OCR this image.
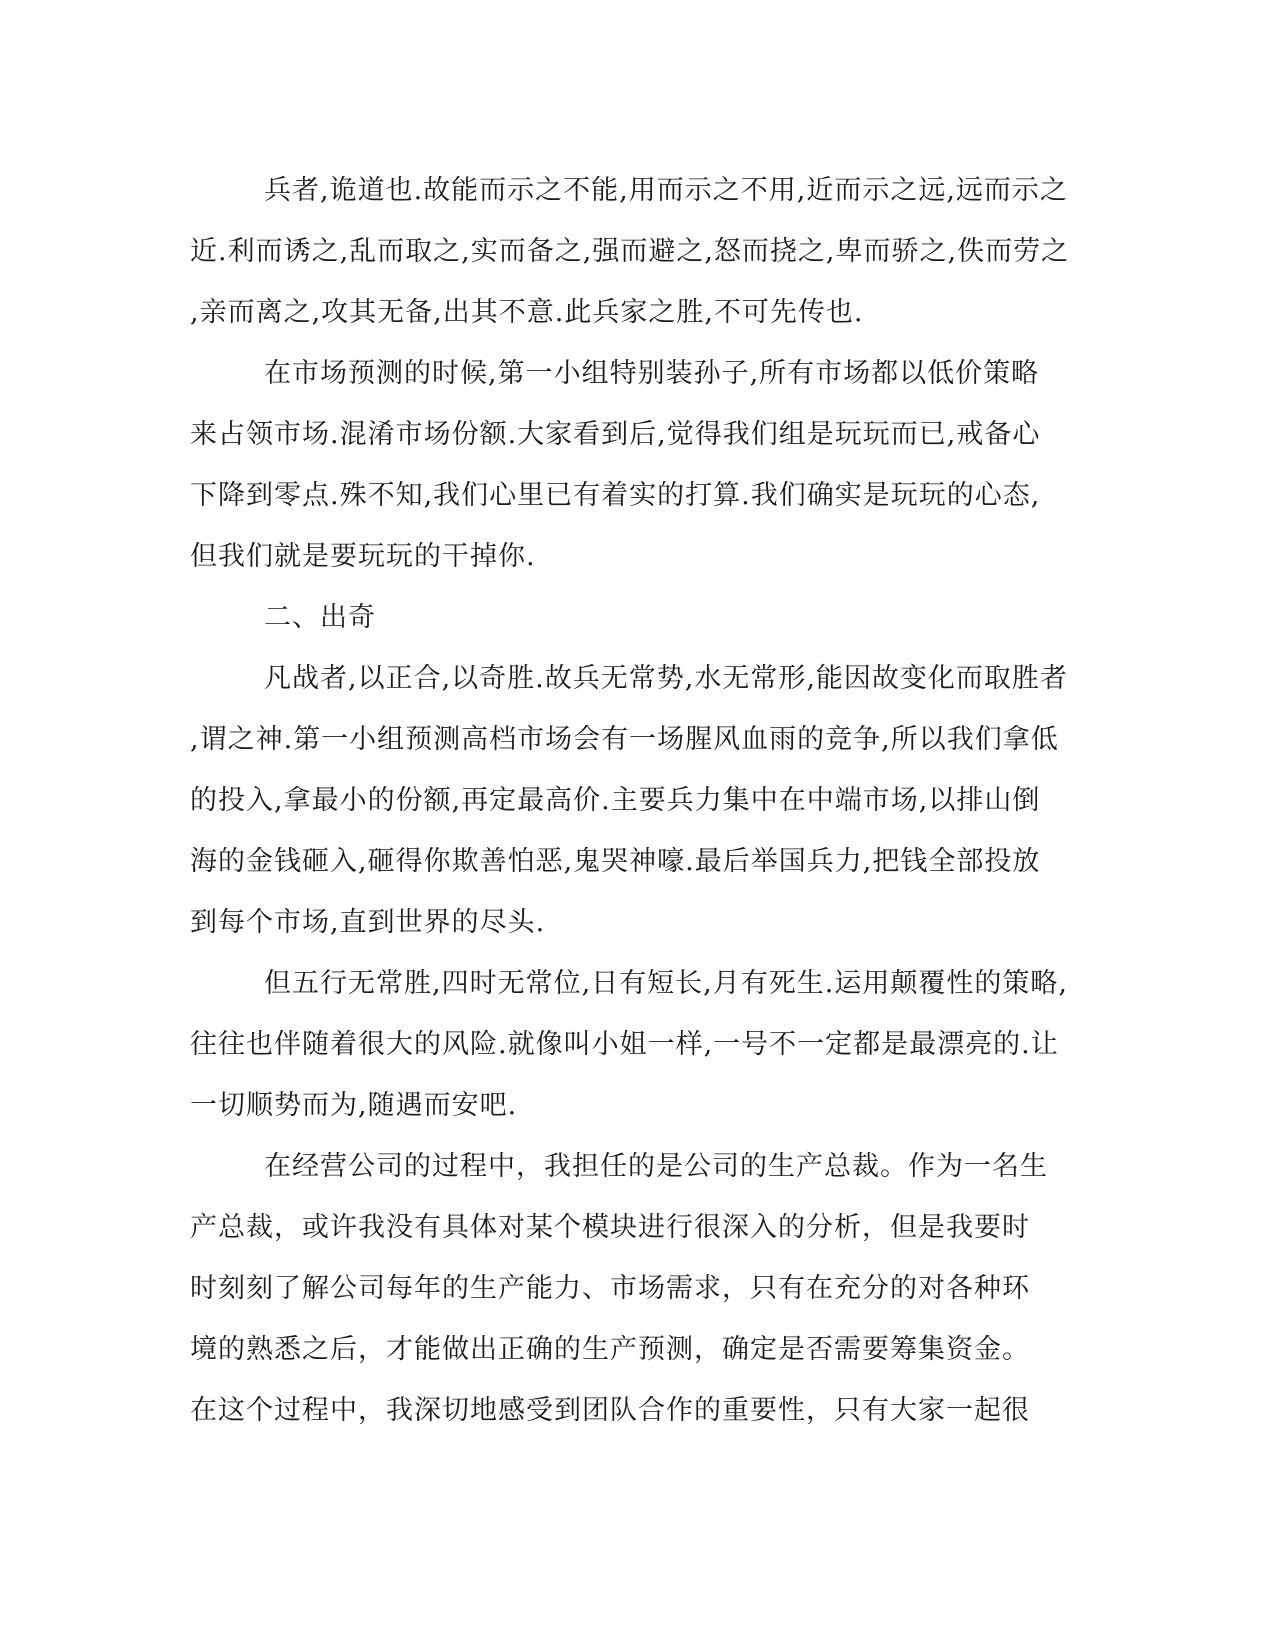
兵者,诡道也.故能而示之不能,用而示之不用,近而示之远,远而示之
近.利而诱之,乱而取之,实而备之,强而避之,怒而挠之,卑而骄之,佚而劳之
,亲而离之,攻其无备,出其不意.此兵家之胜,不可先传也.
在市场预测的时候,第一小组特别装孙子,所有市场都以低价策略
来占领市场.混淆市场份额.大家看到后,觉得我们组是玩玩而已,戒备心
下降到零点.殊不知,我们心里已有着实的打算.我们确实是玩玩的心态,
但我们就是要玩玩的干掉你.
二、出奇
凡战者,以正合,以奇胜.故兵无常势,水无常形,能因故变化而取胜者
,谓之神.第一小组预测高档市场会有一场腥风血雨的竞争,所以我们拿低
的投入,拿最小的份额,再定最高价.主要兵力集中在中端市场,以排山倒
海的金钱砸入,砸得你欺善怕恶,鬼哭神嚎.最后举国兵力,把钱全部投放
到每个市场,直到世界的尽头.
但五行无常胜,四时无常位,日有短长,月有死生.运用颠覆性的策略,
往往也伴随着很大的风险.就像叫小姐一样,一号不一定都是最漂亮的.让
一切顺势而为,随遇而安吧.
在经营公司的过程中，我担任的是公司的生产总裁。作为一名生
产总裁，或许我没有具体对某个模块进行很深入的分析，但是我要时
时刻刻了解公司每年的生产能力、市场需求，只有在充分的对各种环
境的熟悉之后，才能做出正确的生产预测，确定是否需要筹集资金。
在这个过程中，我深切地感受到团队合作的重要性，只有大家一起很
